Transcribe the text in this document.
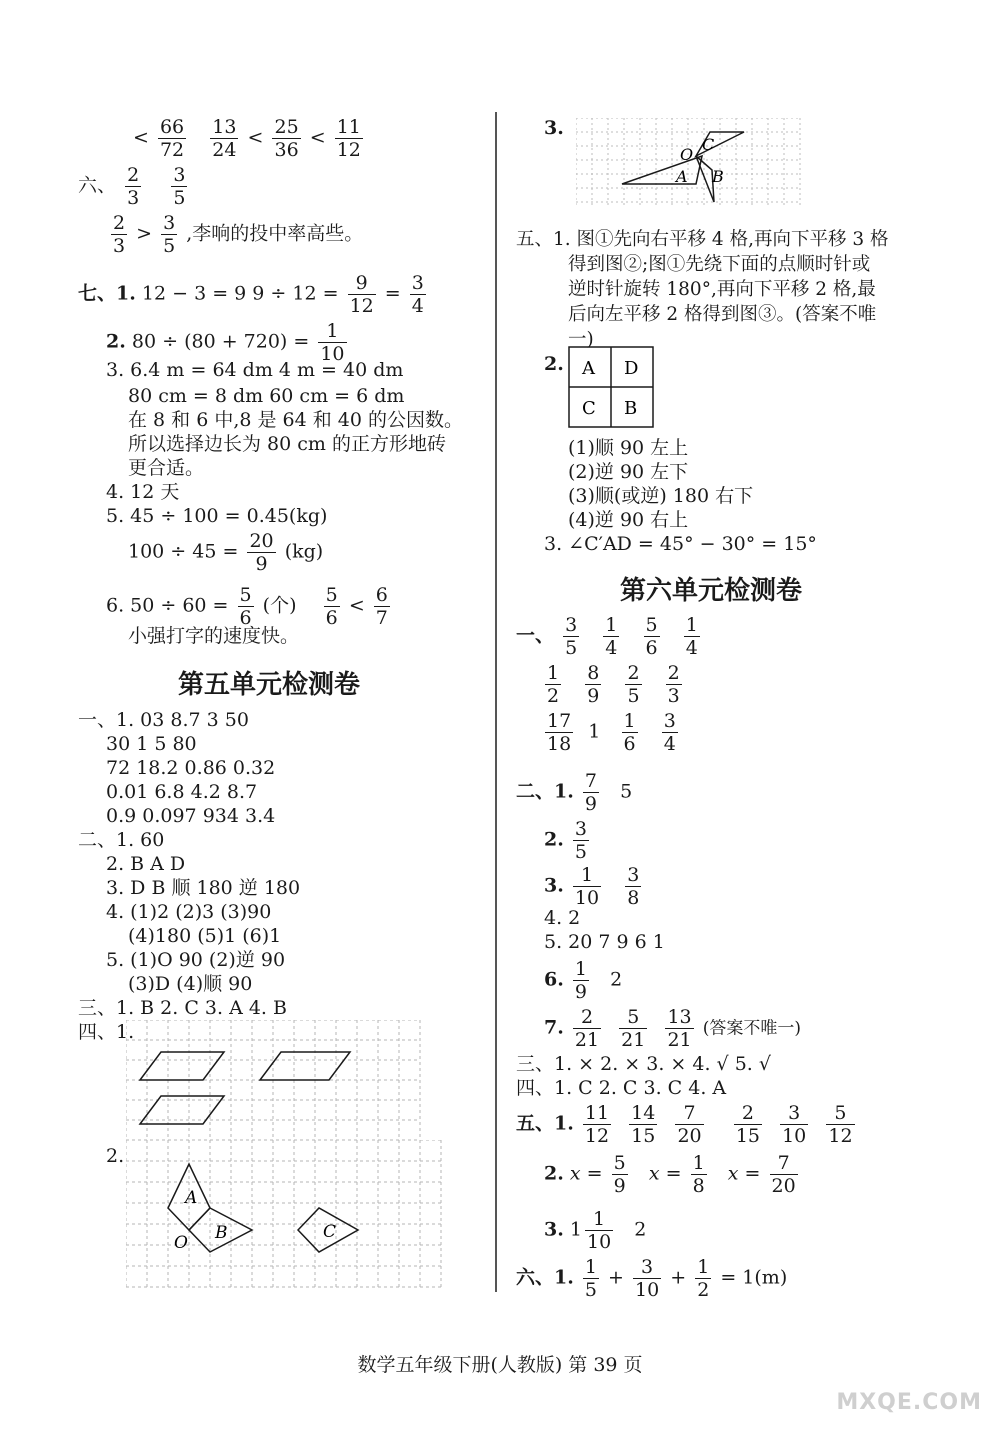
< $\frac{66}{72}$
$\frac{13}{24} < \frac{25}{36} < \frac{11}{12}$
六、 $\frac{2}{3}$
$\frac{3}{5}$
$\frac{2}{3} > \frac{3}{5}$ ,李响的投中率高些。
七、1. 12 − 3 = 9 $9 \div 12 = \frac{9}{12} = \frac{3}{4}$
2. $80 \div (80 + 720) = \frac{1}{10}$
3. 6.4 m = 64 dm 4 m = 40 dm
80 cm = 8 dm 60 cm = 6 dm
在 8 和 6 中,8 是 64 和 40 的公因数。
所以选择边长为 80 cm 的正方形地砖
更合适。
4. 12 天
5. 45 ÷ 100 = 0.45(kg)
$100 \div 45 = \frac{20}{9} (kg)$
6. $50 \div 60 = \frac{5}{6}$ (个) $\frac{5}{6} < \frac{6}{7}$
小强打字的速度快。
第五单元检测卷
一、1. 03 8.7 3 50
30 1 5 80
72 18.2 0.86 0.32
0.01 6.8 4.2 8.7
0.9 0.097 934 3.4
二、1. 60
2. B A D
3. D B 顺 180 逆 180
4. (1)2 (2)3 (3)90
(4)180 (5)1 (6)1
5. (1)O 90 (2)逆 90
(3)D (4)顺 90
三、1. B 2. C 3. A 4. B
四、1.
2.
A
B	C
O
3.
O
C
A B
五、1. 图①先向右平移 4 格,再向下平移 3 格
得到图②;图①先绕下面的点顺时针或
逆时针旋转 180°,再向下平移 2 格,最
后向左平移 2 格得到图③。(答案不唯
一)
2. A D
C B
(1)顺 90 左上
(2)逆 90 左下
(3)顺(或逆) 180 右下
(4)逆 90 右上
3. ∠C′AD = 45° − 30° = 15°
第六单元检测卷
一、 $\frac{3}{5}$
$\frac{1}{4}$
$\frac{5}{6}$
$\frac{1}{4}$
$\frac{1}{2}$
$\frac{8}{9}$
$\frac{2}{5}$
$\frac{2}{3}$
$\frac{17}{18} 1 \frac{1}{6}$
$\frac{3}{4}$
二、1. $\frac{7}{9} 5$
2. $\frac{3}{5}$
3. $\frac{1}{10}$
$\frac{3}{8}$
4. 2
5. 20 7 9 6 1
6. $\frac{1}{9} 2$
7. $\frac{2}{21}$
$\frac{5}{21}$
$\frac{13}{21}$ (答案不唯一)
三、1. × 2. × 3. × 4. √ 5. √
四、1. C 2. C 3. C 4. A
五、1. $\frac{11}{12}$
$\frac{14}{15}$
$\frac{7}{20}$
$\frac{2}{15}$
$\frac{3}{10}$
$\frac{5}{12}$
2. $x = \frac{5}{9}$ $x = \frac{1}{8}$ $x = \frac{7}{20}$
3. $1 \frac{1}{10} 2$
六、1. $\frac{1}{5} + \frac{3}{10} + \frac{1}{2} = 1(m)$
数学五年级下册(人教版) 第 39 页
MXQE.COM
